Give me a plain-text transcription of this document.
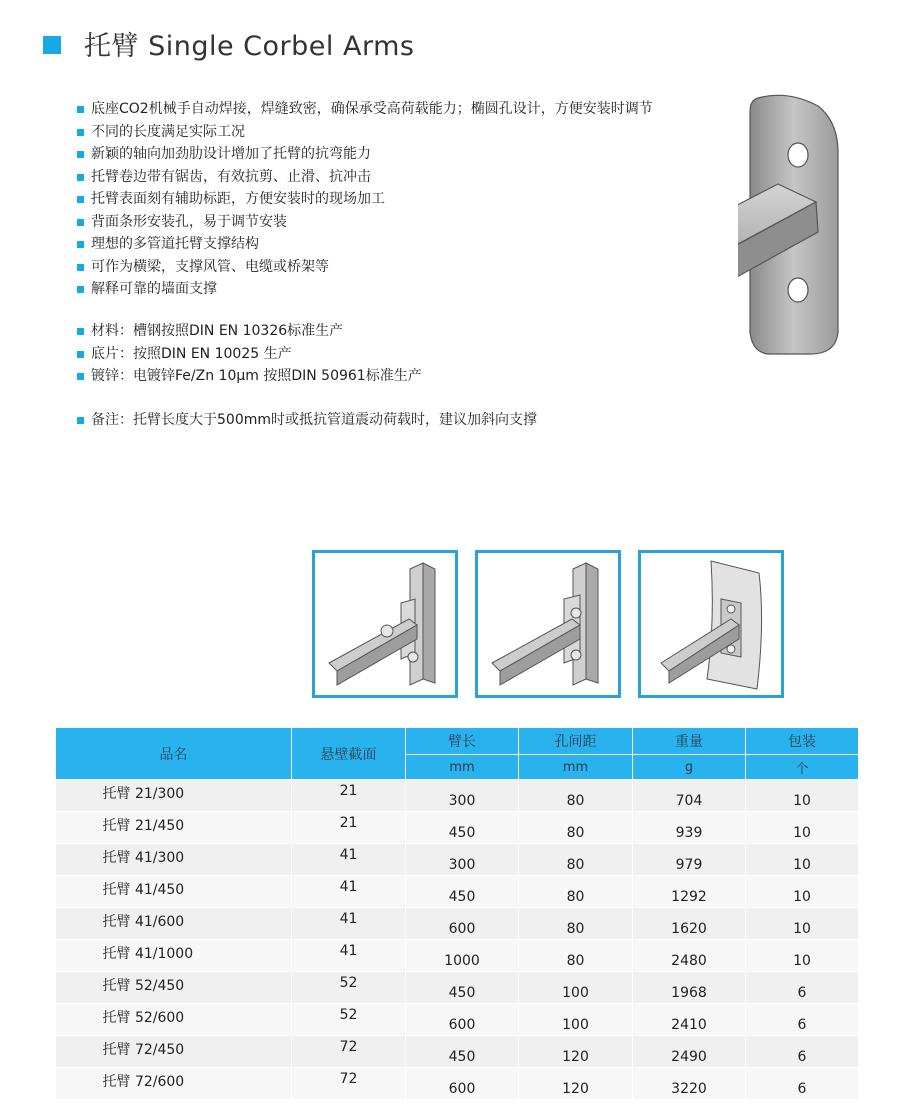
托臂 Single Corbel Arms
底座CO2机械手自动焊接，焊缝致密，确保承受高荷载能力；椭圆孔设计，方便安装时调节
不同的长度满足实际工况
新颖的轴向加劲肋设计增加了托臂的抗弯能力
托臂卷边带有锯齿，有效抗剪、止滑、抗冲击
托臂表面刻有辅助标距，方便安装时的现场加工
背面条形安装孔，易于调节安装
理想的多管道托臂支撑结构
可作为横梁，支撑风管、电缆或桥架等
解释可靠的墙面支撑
材料：槽钢按照DIN EN 10326标准生产
底片：按照DIN EN 10025 生产
镀锌：电镀锌Fe/Zn 10μm 按照DIN 50961标准生产
备注：托臂长度大于500mm时或抵抗管道震动荷载时，建议加斜向支撑
品名	悬壁截面	臂长	孔间距	重量	包装
		mm	mm	g	个
托臂 21/300	21	300	80	704	10
托臂 21/450	21	450	80	939	10
托臂 41/300	41	300	80	979	10
托臂 41/450	41	450	80	1292	10
托臂 41/600	41	600	80	1620	10
托臂 41/1000	41	1000	80	2480	10
托臂 52/450	52	450	100	1968	6
托臂 52/600	52	600	100	2410	6
托臂 72/450	72	450	120	2490	6
托臂 72/600	72	600	120	3220	6
